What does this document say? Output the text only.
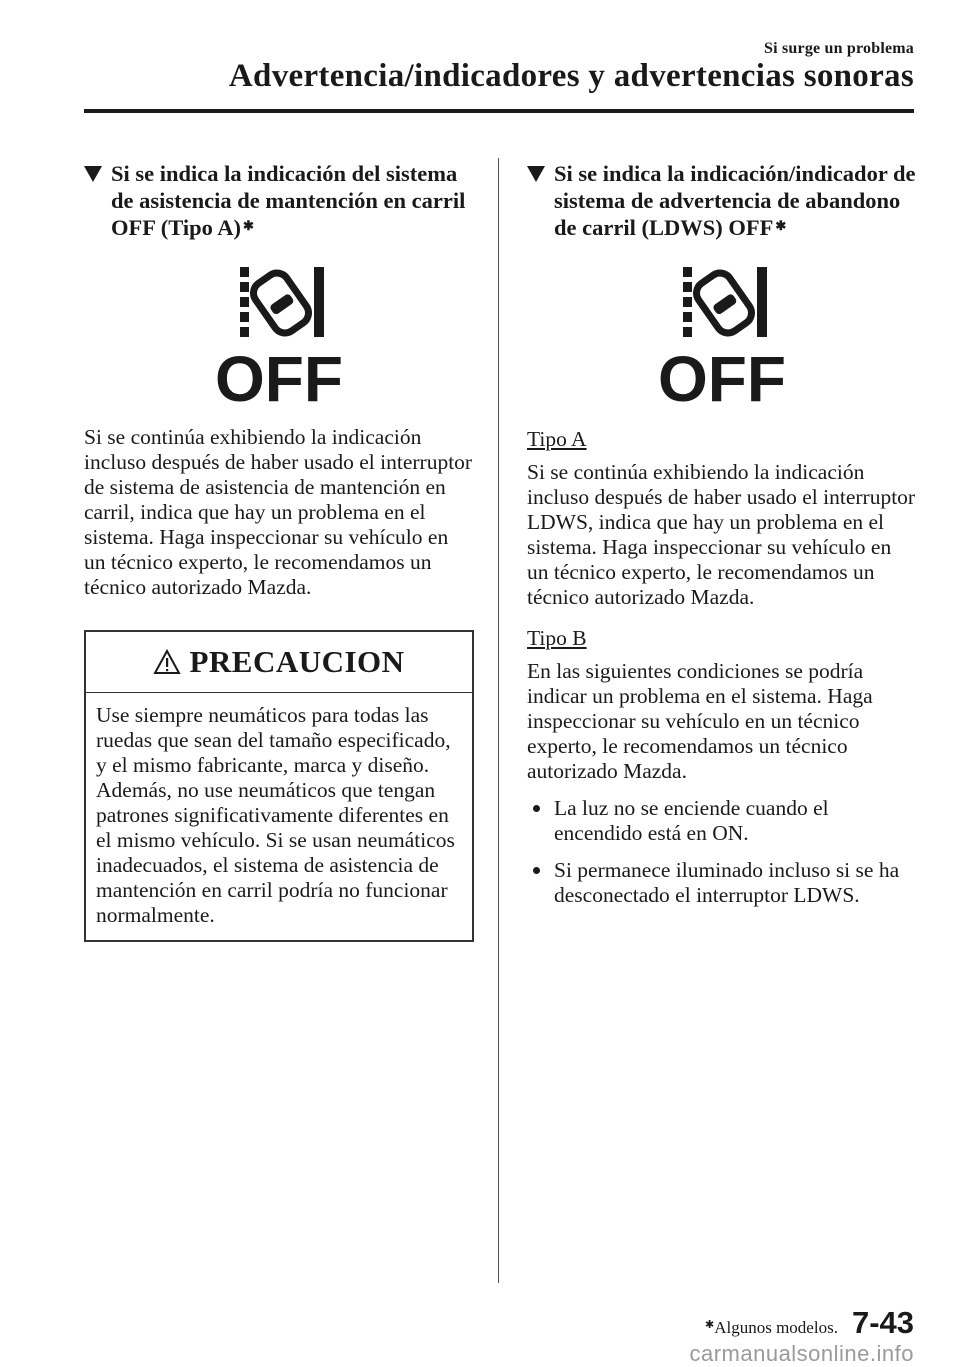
Si surge un problema
Advertencia/indicadores y advertencias sonoras
Si se indica la indicación del sistema de asistencia de mantención en carril OFF (Tipo A) ✱
OFF

Si se continúa exhibiendo la indicación incluso después de haber usado el interruptor de sistema de asistencia de mantención en carril, indica que hay un problema en el sistema. Haga inspeccionar su vehículo en un técnico experto, le recomendamos un técnico autorizado Mazda.

PRECAUCION
Use siempre neumáticos para todas las ruedas que sean del tamaño especificado, y el mismo fabricante, marca y diseño. Además, no use neumáticos que tengan patrones significativamente diferentes en el mismo vehículo. Si se usan neumáticos inadecuados, el sistema de asistencia de mantención en carril podría no funcionar normalmente.
Si se indica la indicación/indicador de sistema de advertencia de abandono de carril (LDWS) OFF ✱
OFF

Tipo A

Si se continúa exhibiendo la indicación incluso después de haber usado el interruptor LDWS, indica que hay un problema en el sistema. Haga inspeccionar su vehículo en un técnico experto, le recomendamos un técnico autorizado Mazda.

Tipo B

En las siguientes condiciones se podría indicar un problema en el sistema. Haga inspeccionar su vehículo en un técnico experto, le recomendamos un técnico autorizado Mazda.

La luz no se enciende cuando el encendido está en ON.
Si permanece iluminado incluso si se ha desconectado el interruptor LDWS.
✱Algunos modelos. 7-43
carmanualsonline.info
